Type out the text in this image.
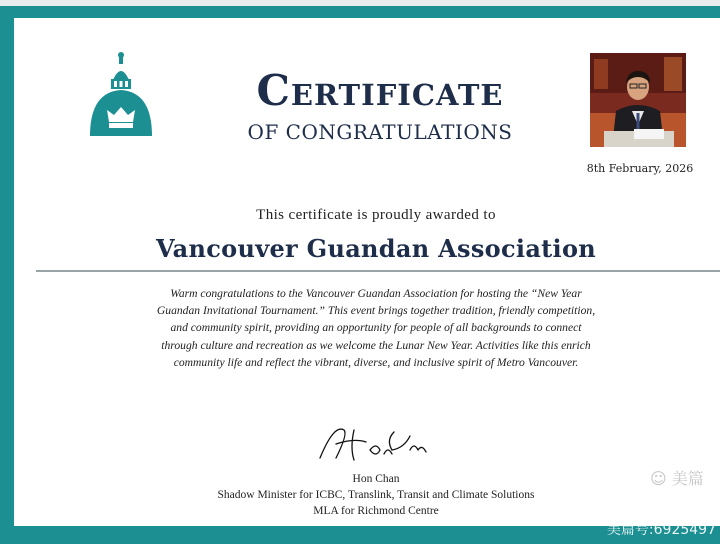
Certificate
OF CONGRATULATIONS
8th February, 2026
This certificate is proudly awarded to
Vancouver Guandan Association
Warm congratulations to the Vancouver Guandan Association for hosting the “New Year Guandan Invitational Tournament.” This event brings together tradition, friendly competition, and community spirit, providing an opportunity for people of all backgrounds to connect through culture and recreation as we welcome the Lunar New Year. Activities like this enrich community life and reflect the vibrant, diverse, and inclusive spirit of Metro Vancouver.
Hon Chan
Shadow Minister for ICBC, Translink, Transit and Climate Solutions
MLA for Richmond Centre
☺ 美篇
美篇号:6925497
